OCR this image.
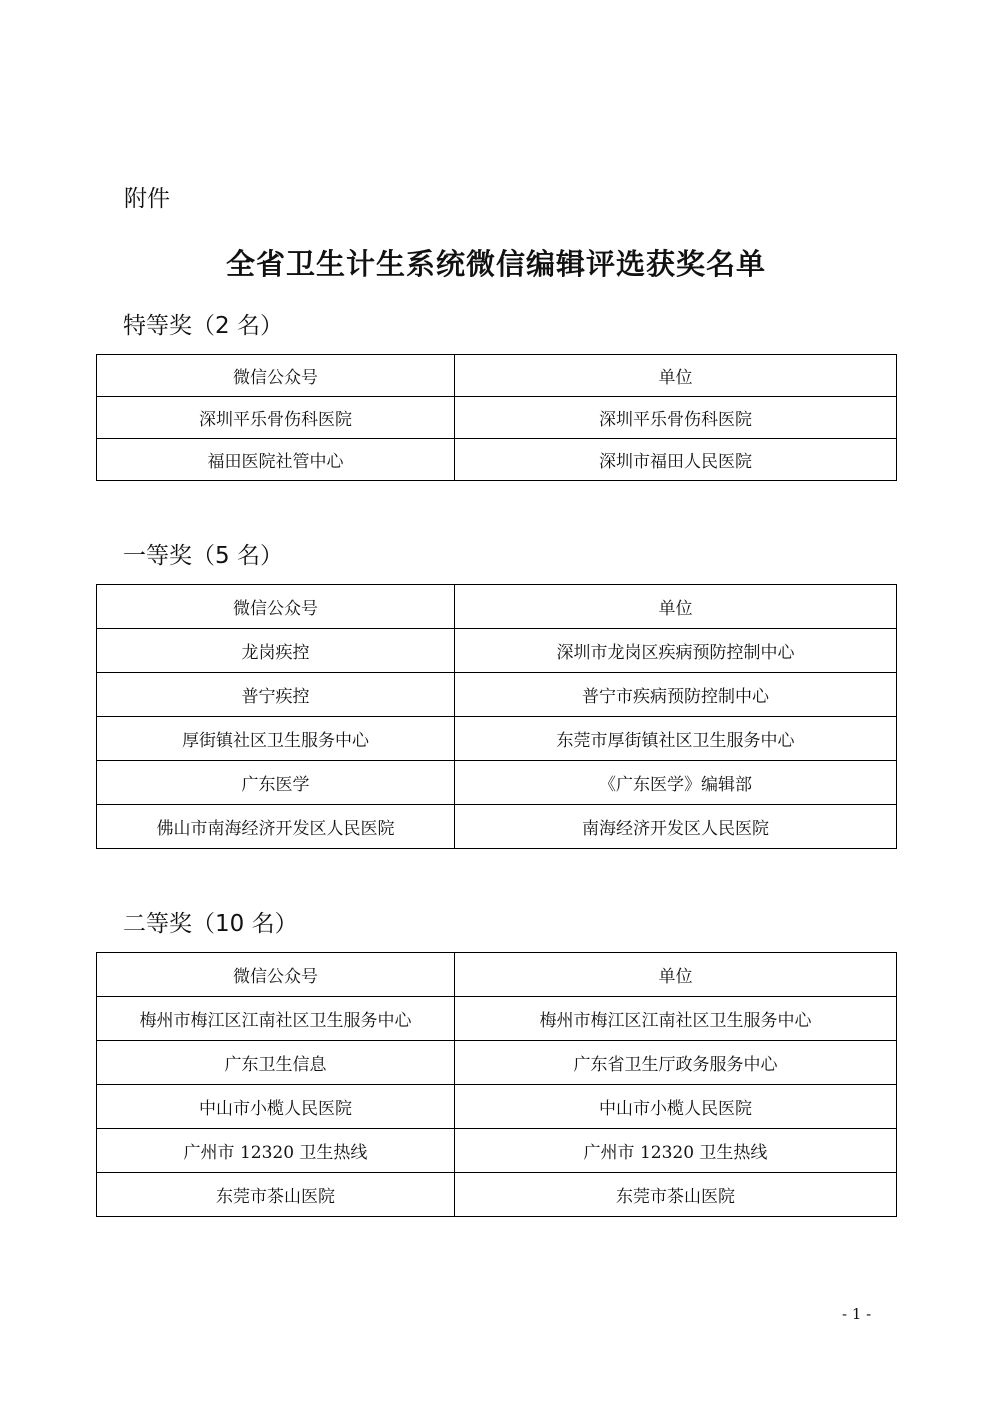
附件
全省卫生计生系统微信编辑评选获奖名单
特等奖（2 名）
微信公众号	单位
深圳平乐骨伤科医院	深圳平乐骨伤科医院
福田医院社管中心	深圳市福田人民医院
一等奖（5 名）
微信公众号	单位
龙岗疾控	深圳市龙岗区疾病预防控制中心
普宁疾控	普宁市疾病预防控制中心
厚街镇社区卫生服务中心	东莞市厚街镇社区卫生服务中心
广东医学	《广东医学》编辑部
佛山市南海经济开发区人民医院	南海经济开发区人民医院
二等奖（10 名）
微信公众号	单位
梅州市梅江区江南社区卫生服务中心	梅州市梅江区江南社区卫生服务中心
广东卫生信息	广东省卫生厅政务服务中心
中山市小榄人民医院	中山市小榄人民医院
广州市 12320 卫生热线	广州市 12320 卫生热线
东莞市茶山医院	东莞市茶山医院
- 1 -
